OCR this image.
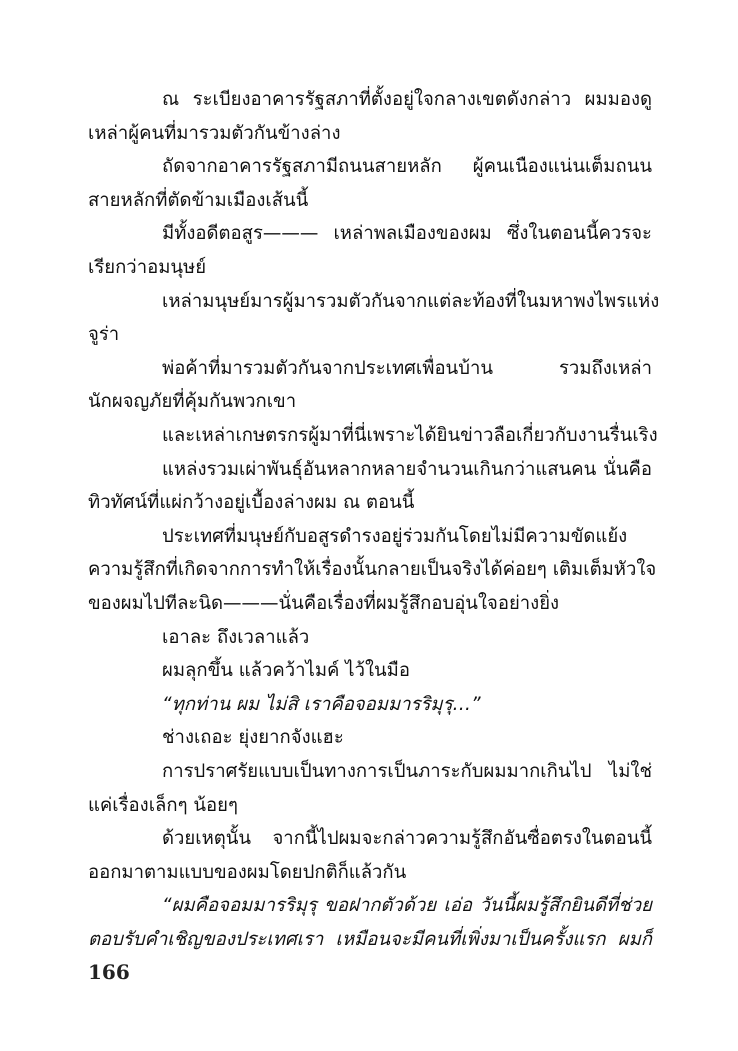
ณ ระเบียงอาคารรัฐสภาที่ตั้งอยู่ใจกลางเขตดังกล่าว ผมมองดู
เหล่าผู้คนที่มารวมตัวกันข้างล่าง
ถัดจากอาคารรัฐสภามีถนนสายหลัก ผู้คนเนืองแน่นเต็มถนน
สายหลักที่ตัดข้ามเมืองเส้นนี้
มีทั้งอดีตอสูร——— เหล่าพลเมืองของผม ซึ่งในตอนนี้ควรจะ
เรียกว่าอมนุษย์
เหล่ามนุษย์มารผู้มารวมตัวกันจากแต่ละท้องที่ในมหาพงไพรแห่ง
จูร่า
พ่อค้าที่มารวมตัวกันจากประเทศเพื่อนบ้าน รวมถึงเหล่า
นักผจญภัยที่คุ้มกันพวกเขา
และเหล่าเกษตรกรผู้มาที่นี่เพราะได้ยินข่าวลือเกี่ยวกับงานรื่นเริง
แหล่งรวมเผ่าพันธุ์อันหลากหลายจำนวนเกินกว่าแสนคน นั่นคือ
ทิวทัศน์ที่แผ่กว้างอยู่เบื้องล่างผม ณ ตอนนี้
ประเทศที่มนุษย์กับอสูรดำรงอยู่ร่วมกันโดยไม่มีความขัดแย้ง
ความรู้สึกที่เกิดจากการทำให้เรื่องนั้นกลายเป็นจริงได้ค่อยๆ เติมเต็มหัวใจ
ของผมไปทีละนิด———นั่นคือเรื่องที่ผมรู้สึกอบอุ่นใจอย่างยิ่ง
เอาละ ถึงเวลาแล้ว
ผมลุกขึ้น แล้วคว้าไมค์ ไว้ในมือ
“ทุกท่าน ผม ไม่สิ เราคือจอมมารริมุรุ…”
ช่างเถอะ ยุ่งยากจังแฮะ
การปราศรัยแบบเป็นทางการเป็นภาระกับผมมากเกินไป ไม่ใช่
แค่เรื่องเล็กๆ น้อยๆ
ด้วยเหตุนั้น จากนี้ไปผมจะกล่าวความรู้สึกอันซื่อตรงในตอนนี้
ออกมาตามแบบของผมโดยปกติก็แล้วกัน
“ผมคือจอมมารริมุรุ ขอฝากตัวด้วย เอ่อ วันนี้ผมรู้สึกยินดีที่ช่วย
ตอบรับคำเชิญของประเทศเรา เหมือนจะมีคนที่เพิ่งมาเป็นครั้งแรก ผมก็
166
